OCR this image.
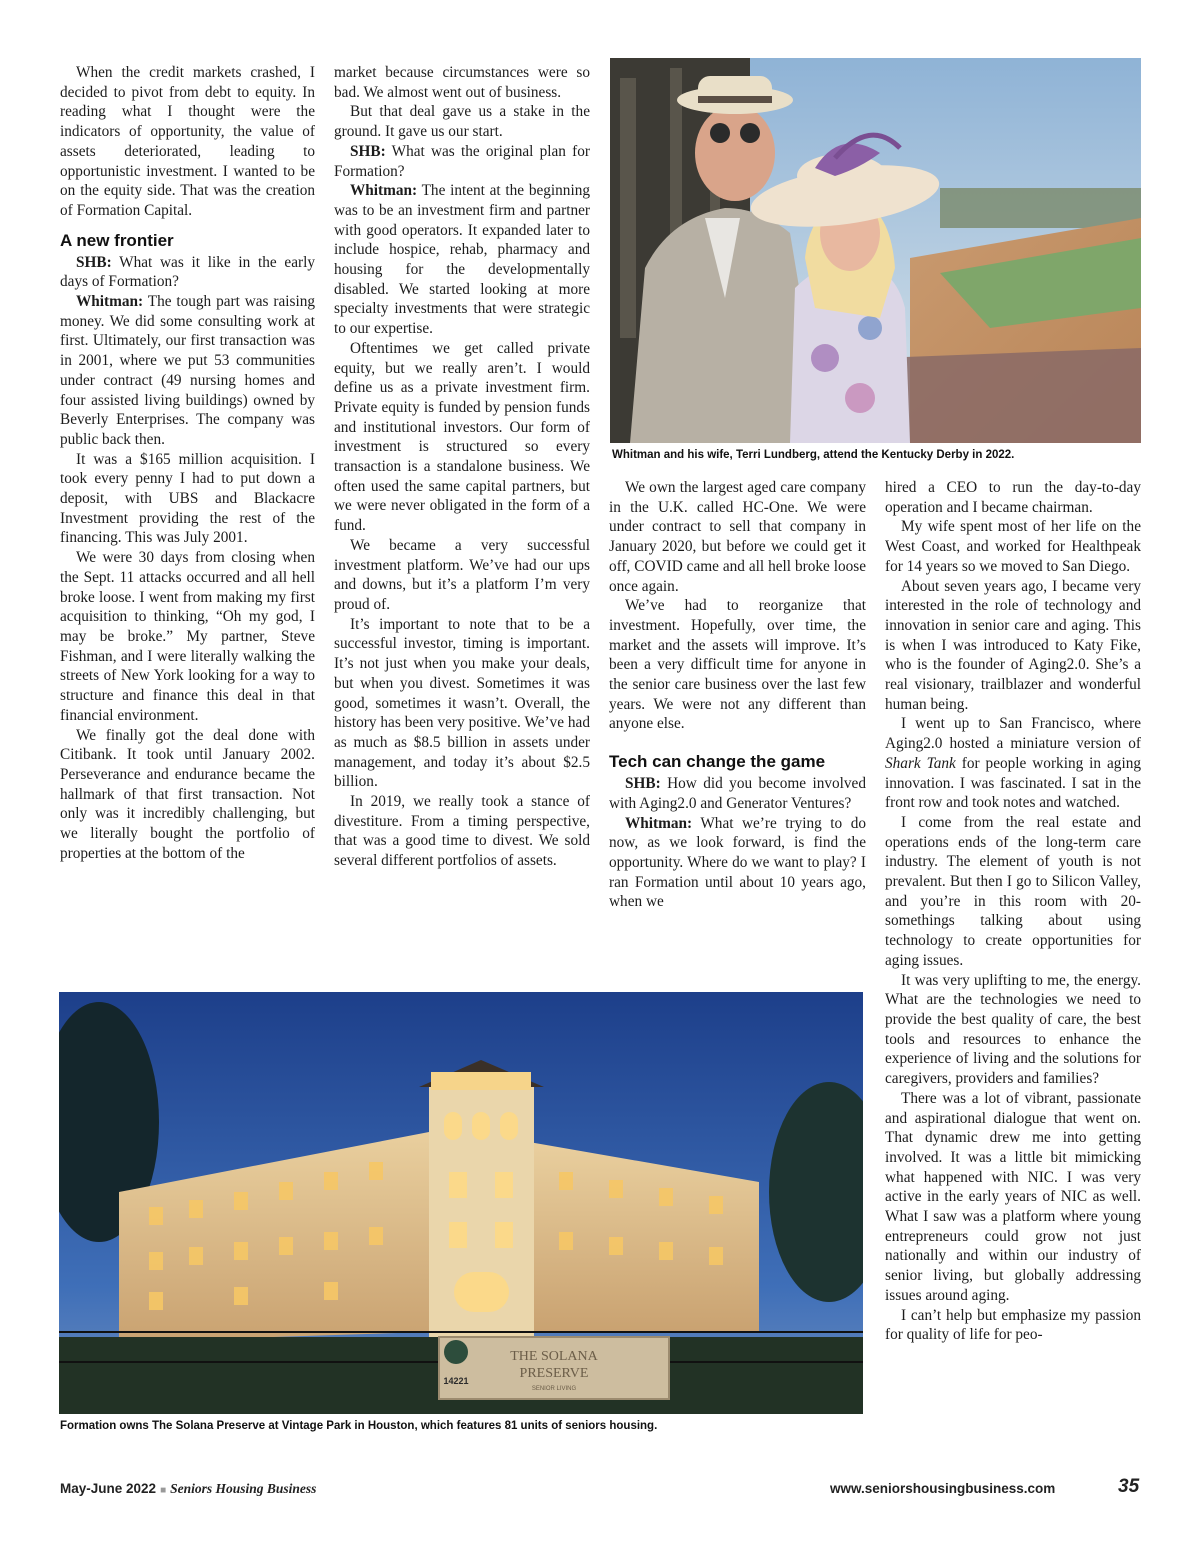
When the credit markets crashed, I decided to pivot from debt to equity. In reading what I thought were the indicators of opportunity, the value of assets deteriorated, leading to opportunistic investment. I wanted to be on the equity side. That was the creation of Formation Capital.

A new frontier

SHB: What was it like in the early days of Formation?

Whitman: The tough part was raising money. We did some consulting work at first. Ultimately, our first transaction was in 2001, where we put 53 communities under contract (49 nursing homes and four assisted living buildings) owned by Beverly Enterprises. The company was public back then.

It was a $165 million acquisition. I took every penny I had to put down a deposit, with UBS and Blackacre Investment providing the rest of the financing. This was July 2001.

We were 30 days from closing when the Sept. 11 attacks occurred and all hell broke loose. I went from making my first acquisition to thinking, “Oh my god, I may be broke.” My partner, Steve Fishman, and I were literally walking the streets of New York looking for a way to structure and finance this deal in that financial environment.

We finally got the deal done with Citibank. It took until January 2002. Perseverance and endurance became the hallmark of that first transaction. Not only was it incredibly challenging, but we literally bought the portfolio of properties at the bottom of the

market because circumstances were so bad. We almost went out of business.

But that deal gave us a stake in the ground. It gave us our start.

SHB: What was the original plan for Formation?

Whitman: The intent at the beginning was to be an investment firm and partner with good operators. It expanded later to include hospice, rehab, pharmacy and housing for the developmentally disabled. We started looking at more specialty investments that were strategic to our expertise.

Oftentimes we get called private equity, but we really aren’t. I would define us as a private investment firm. Private equity is funded by pension funds and institutional investors. Our form of investment is structured so every transaction is a standalone business. We often used the same capital partners, but we were never obligated in the form of a fund.

We became a very successful investment platform. We’ve had our ups and downs, but it’s a platform I’m very proud of.

It’s important to note that to be a successful investor, timing is important. It’s not just when you make your deals, but when you divest. Sometimes it was good, sometimes it wasn’t. Overall, the history has been very positive. We’ve had as much as $8.5 billion in assets under management, and today it’s about $2.5 billion.

In 2019, we really took a stance of divestiture. From a timing perspective, that was a good time to divest. We sold several different portfolios of assets.

Whitman and his wife, Terri Lundberg, attend the Kentucky Derby in 2022.

We own the largest aged care company in the U.K. called HC-One. We were under contract to sell that company in January 2020, but before we could get it off, COVID came and all hell broke loose once again.

We’ve had to reorganize that investment. Hopefully, over time, the market and the assets will improve. It’s been a very difficult time for anyone in the senior care business over the last few years. We were not any different than anyone else.

Tech can change the game

SHB: How did you become involved with Aging2.0 and Generator Ventures?

Whitman: What we’re trying to do now, as we look forward, is find the opportunity. Where do we want to play? I ran Formation until about 10 years ago, when we

hired a CEO to run the day-to-day operation and I became chairman.

My wife spent most of her life on the West Coast, and worked for Healthpeak for 14 years so we moved to San Diego.

About seven years ago, I became very interested in the role of technology and innovation in senior care and aging. This is when I was introduced to Katy Fike, who is the founder of Aging2.0. She’s a real visionary, trailblazer and wonderful human being.

I went up to San Francisco, where Aging2.0 hosted a miniature version of Shark Tank for people working in aging innovation. I was fascinated. I sat in the front row and took notes and watched.

I come from the real estate and operations ends of the long-term care industry. The element of youth is not prevalent. But then I go to Silicon Valley, and you’re in this room with 20-somethings talking about using technology to create opportunities for aging issues.

It was very uplifting to me, the energy. What are the technologies we need to provide the best quality of care, the best tools and resources to enhance the experience of living and the solutions for caregivers, providers and families?

There was a lot of vibrant, passionate and aspirational dialogue that went on. That dynamic drew me into getting involved. It was a little bit mimicking what happened with NIC. I was very active in the early years of NIC as well. What I saw was a platform where young entrepreneurs could grow not just nationally and within our industry of senior living, but globally addressing issues around aging.

I can’t help but emphasize my passion for quality of life for peo-

14221
THE SOLANA
PRESERVE
SENIOR LIVING
Formation owns The Solana Preserve at Vintage Park in Houston, which features 81 units of seniors housing.
May-June 2022 ■ Seniors Housing Business	www.seniorshousingbusiness.com	35
